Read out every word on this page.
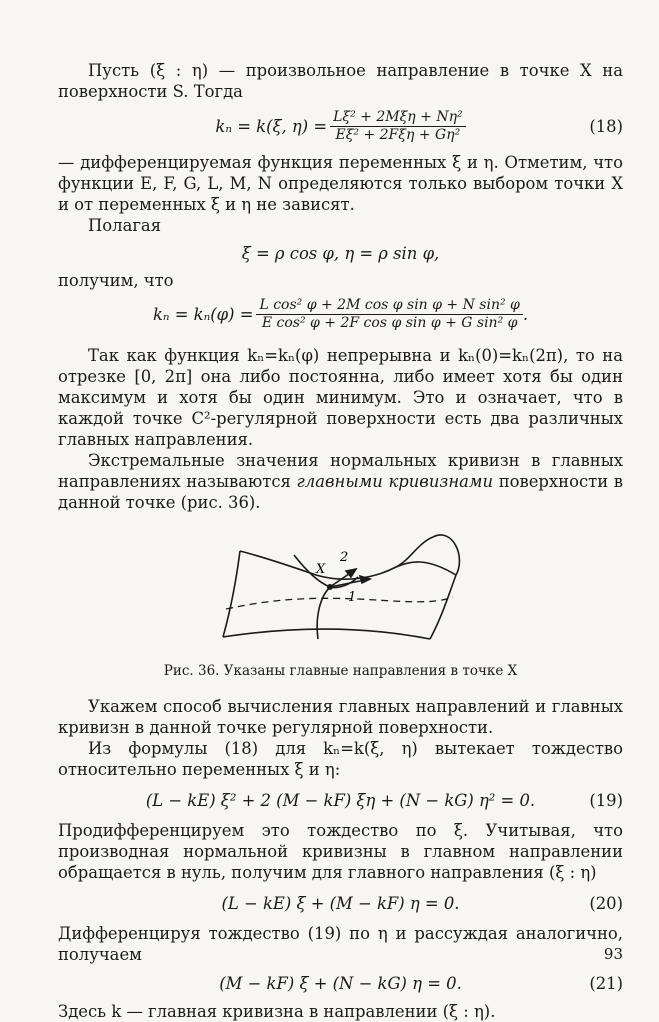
Пусть (ξ : η) — произвольное направление в точке X на поверхности S. Тогда

kₙ = k(ξ, $\eta) = \frac{\text{Lξ² + 2Mξη + Nη²}}{\text{Eξ² + 2Fξη + Gη²}}$	(18)

— дифференцируемая функция переменных ξ и η. Отметим, что функции E, F, G, L, M, N определяются только выбором точки X и от переменных ξ и η не зависят.

Полагая

ξ = ρ cos φ, η = ρ sin φ,

получим, что

$k_n = k_n(\varphi) = \frac{\text{L cos² φ + 2M cos φ sin φ + N sin² φ}}{\text{E cos² φ + 2F cos φ sin φ + G sin² φ}}$ .

Так как функция kₙ=kₙ(φ) непрерывна и kₙ(0)=kₙ(2π), то на отрезке [0, 2π] она либо постоянна, либо имеет хотя бы один максимум и хотя бы один минимум. Это и означает, что в каждой точке C²-регулярной поверхности есть два различных главных направления.

Экстремальные значения нормальных кривизн в главных направлениях называются главными кривизнами поверхности в данной точке (рис. 36).

X
1
2

Рис. 36. Указаны главные направления в точке X

Укажем способ вычисления главных направлений и главных кривизн в данной точке регулярной поверхности.

Из формулы (18) для kₙ=k(ξ, η) вытекает тождество относительно переменных ξ и η:

(L − kE) ξ² + 2 (M − kF) ξη + (N − kG) η² = 0.	(19)

Продифференцируем это тождество по ξ. Учитывая, что производная нормальной кривизны в главном направлении обращается в нуль, получим для главного направления (ξ : η)

(L − kE) ξ + (M − kF) η = 0.	(20)

Дифференцируя тождество (19) по η и рассуждая аналогично, получаем

(M − kF) ξ + (N − kG) η = 0.	(21)

Здесь k — главная кривизна в направлении (ξ : η).

93
